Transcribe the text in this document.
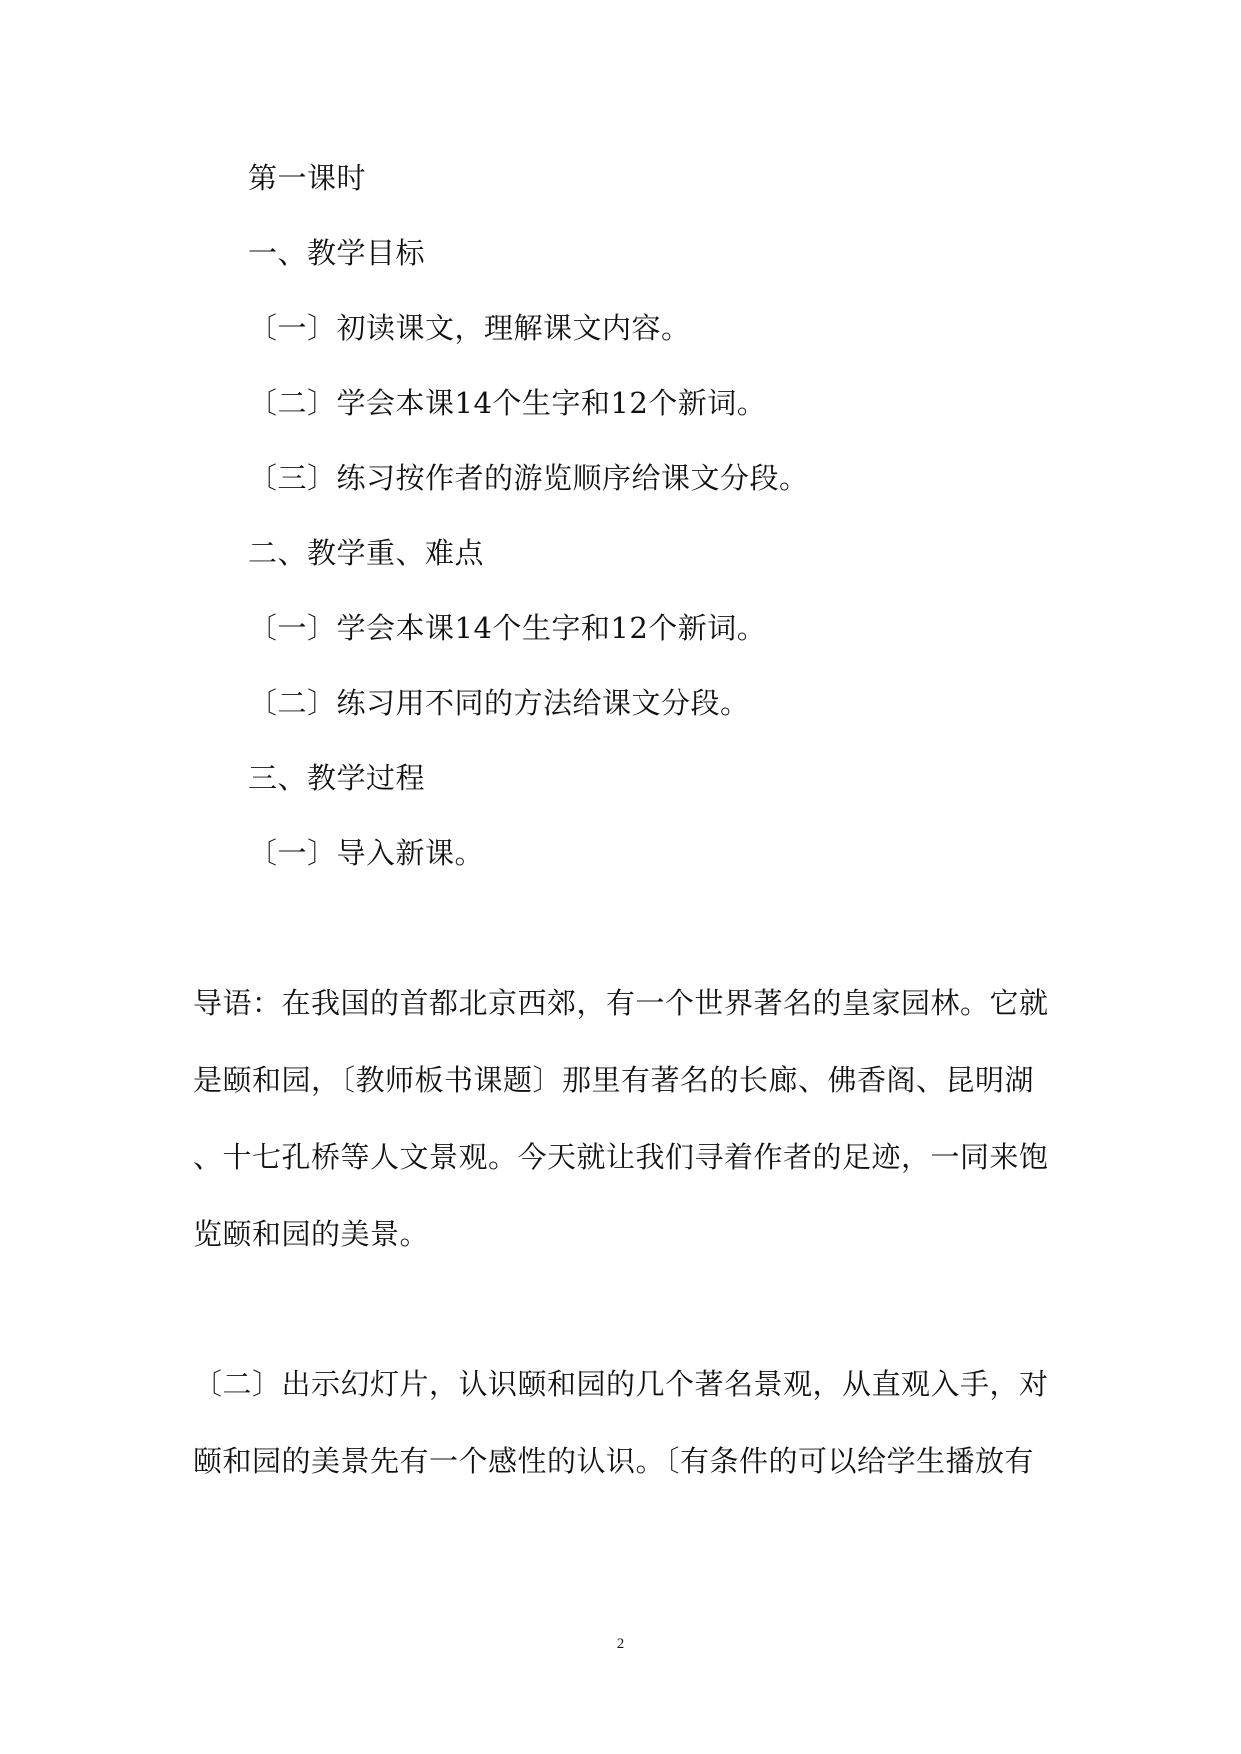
第一课时
一、教学目标
〔一〕初读课文，理解课文内容。
〔二〕学会本课14个生字和12个新词。
〔三〕练习按作者的游览顺序给课文分段。
二、教学重、难点
〔一〕学会本课14个生字和12个新词。
〔二〕练习用不同的方法给课文分段。
三、教学过程
〔一〕导入新课。
导语：在我国的首都北京西郊，有一个世界著名的皇家园林。它就
是颐和园，〔教师板书课题〕那里有著名的长廊、佛香阁、昆明湖
、十七孔桥等人文景观。今天就让我们寻着作者的足迹，一同来饱
览颐和园的美景。
〔二〕出示幻灯片，认识颐和园的几个著名景观，从直观入手，对
颐和园的美景先有一个感性的认识。〔有条件的可以给学生播放有
2
